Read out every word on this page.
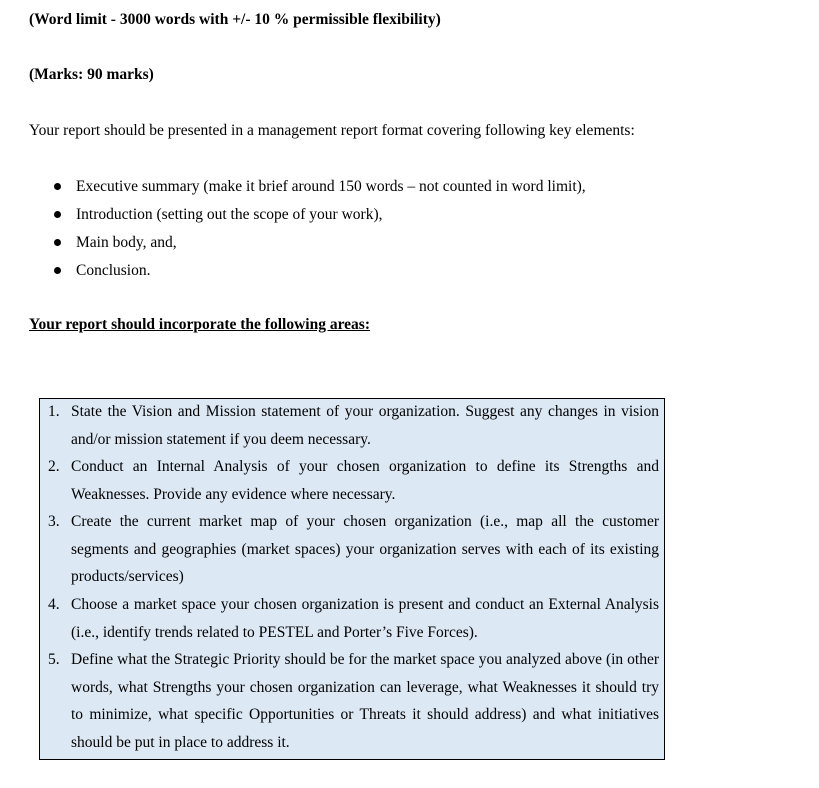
(Word limit - 3000 words with +/- 10 % permissible flexibility)
(Marks: 90 marks)
Your report should be presented in a management report format covering following key elements:
Executive summary (make it brief around 150 words – not counted in word limit),
Introduction (setting out the scope of your work),
Main body, and,
Conclusion.
Your report should incorporate the following areas:
1. State the Vision and Mission statement of your organization. Suggest any changes in vision and/or mission statement if you deem necessary.
2. Conduct an Internal Analysis of your chosen organization to define its Strengths and Weaknesses. Provide any evidence where necessary.
3. Create the current market map of your chosen organization (i.e., map all the customer segments and geographies (market spaces) your organization serves with each of its existing products/services)
4. Choose a market space your chosen organization is present and conduct an External Analysis (i.e., identify trends related to PESTEL and Porter’s Five Forces).
5. Define what the Strategic Priority should be for the market space you analyzed above (in other words, what Strengths your chosen organization can leverage, what Weaknesses it should try to minimize, what specific Opportunities or Threats it should address) and what initiatives should be put in place to address it.
